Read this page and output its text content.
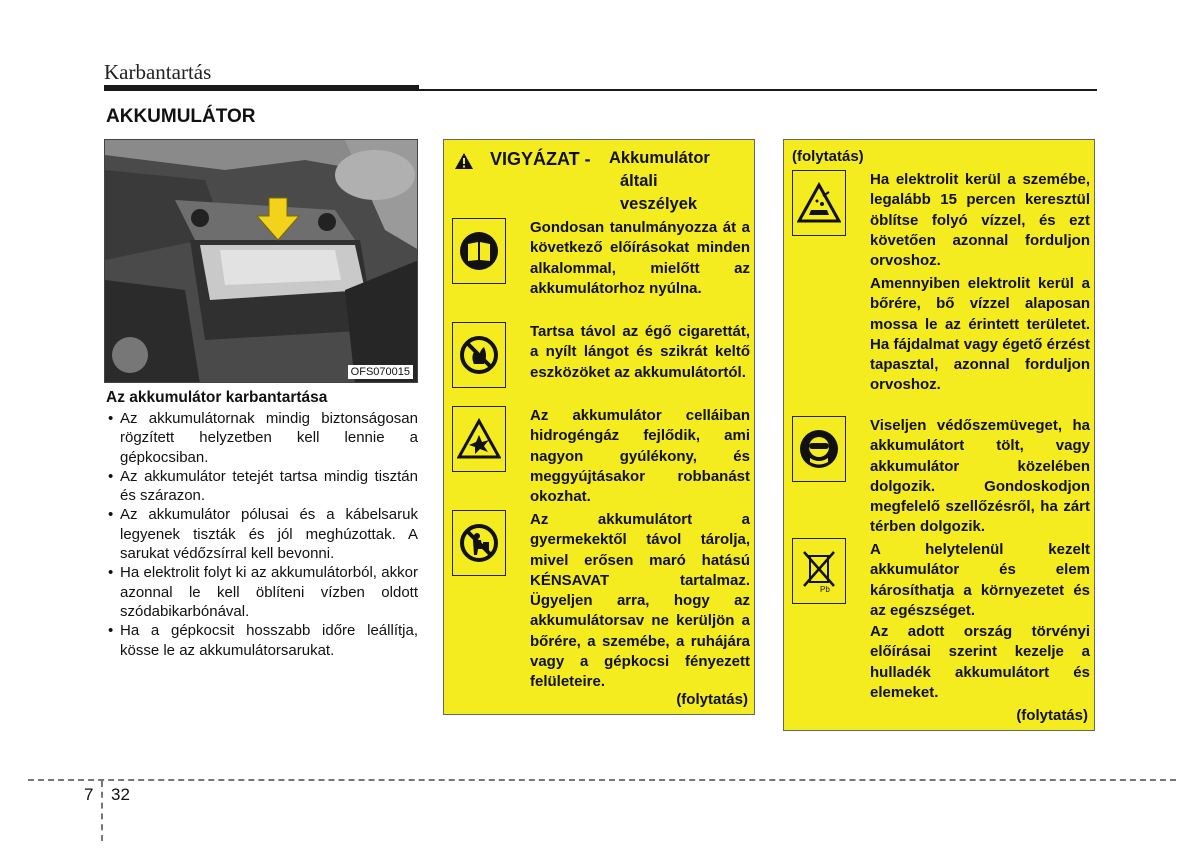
Karbantartás
AKKUMULÁTOR
OFS070015
Az akkumulátor karbantartása
• Az akkumulátornak mindig biztonságosan rögzített helyzetben kell lennie a gépkocsiban.
• Az akkumulátor tetejét tartsa mindig tisztán és szárazon.
• Az akkumulátor pólusai és a kábelsaruk legyenek tiszták és jól meghúzottak. A sarukat védőzsírral kell bevonni.
• Ha elektrolit folyt ki az akkumulátorból, akkor azonnal le kell öblíteni vízben oldott szódabikarbónával.
• Ha a gépkocsit hosszabb időre leállítja, kösse le az akkumulátorsarukat.
VIGYÁZAT - Akkumulátor
általi
veszélyek
Gondosan tanulmányozza át a következő előírásokat minden alkalommal, mielőtt az akkumulátorhoz nyúlna.
Tartsa távol az égő cigarettát, a nyílt lángot és szikrát keltő eszközöket az akkumulátortól.
Az akkumulátor celláiban hidrogéngáz fejlődik, ami nagyon gyúlékony, és meggyújtásakor robbanást okozhat.
Az akkumulátort a gyermekektől távol tárolja, mivel erősen maró hatású KÉNSAVAT tartalmaz. Ügyeljen arra, hogy az akkumulátorsav ne kerüljön a bőrére, a szemébe, a ruhájára vagy a gépkocsi fényezett felületeire.
(folytatás)
(folytatás)
Ha elektrolit kerül a szemébe, legalább 15 percen keresztül öblítse folyó vízzel, és ezt követően azonnal forduljon orvoshoz.
Amennyiben elektrolit kerül a bőrére, bő vízzel alaposan mossa le az érintett területet. Ha fájdalmat vagy égető érzést tapasztal, azonnal forduljon orvoshoz.
Viseljen védőszemüveget, ha akkumulátort tölt, vagy akkumulátor közelében dolgozik. Gondoskodjon megfelelő szellőzésről, ha zárt térben dolgozik.
Pb
A helytelenül kezelt akkumulátor és elem károsíthatja a környezetet és az egészséget.
Az adott ország törvényi előírásai szerint kezelje a hulladék akkumulátort és elemeket.
(folytatás)
7 32
